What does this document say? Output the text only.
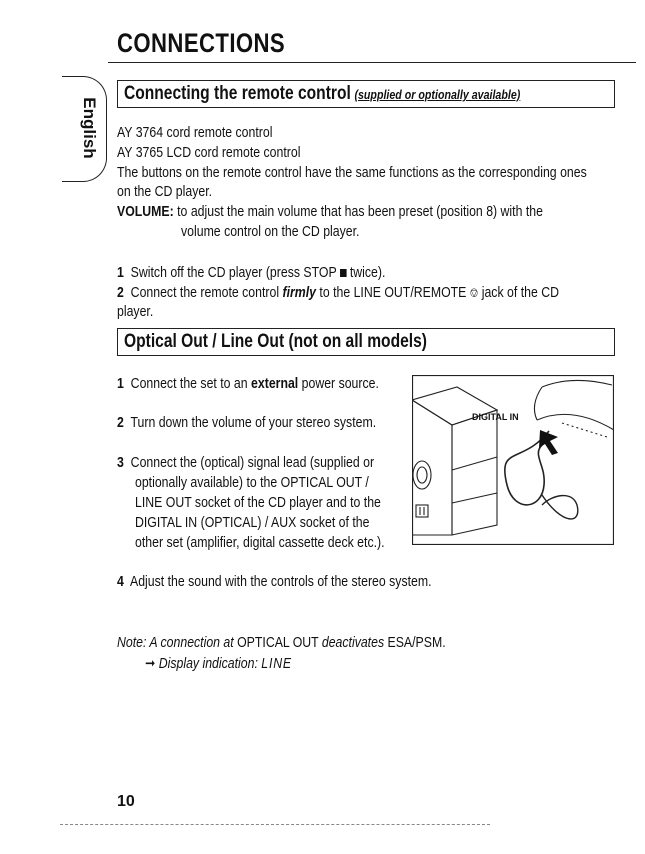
CONNECTIONS
English
Connecting the remote control (supplied or optionally available)
AY 3764 cord remote control
AY 3765 LCD cord remote control
The buttons on the remote control have the same functions as the corresponding ones
on the CD player.
VOLUME: to adjust the main volume that has been preset (position 8) with the
volume control on the CD player.
1 Switch off the CD player (press STOP twice).
2 Connect the remote control firmly to the LINE OUT/REMOTE ⎊ jack of the CD
player.
Optical Out / Line Out (not on all models)
1 Connect the set to an external power source.
2 Turn down the volume of your stereo system.
3 Connect the (optical) signal lead (supplied or
optionally available) to the OPTICAL OUT /
LINE OUT socket of the CD player and to the
DIGITAL IN (OPTICAL) / AUX socket of the
other set (amplifier, digital cassette deck etc.).
4 Adjust the sound with the controls of the stereo system.
DIGITAL IN
Note: A connection at OPTICAL OUT deactivates ESA/PSM.
➞ Display indication: LINE
10
